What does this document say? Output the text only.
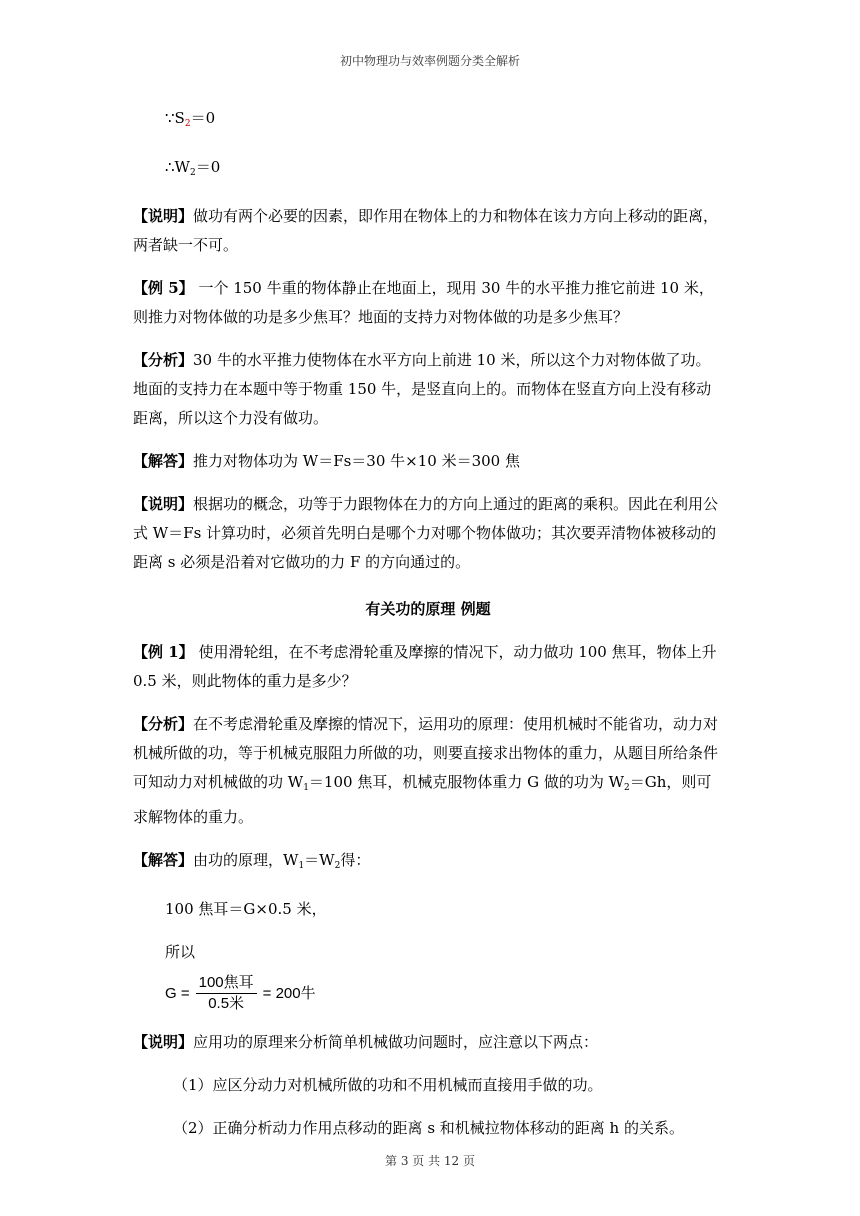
初中物理功与效率例题分类全解析

$\because S_2=0$

$\therefore W_2=0$

【说明】做功有两个必要的因素，即作用在物体上的力和物体在该力方向上移动的距离，两者缺一不可。

【例 5】 一个 150 牛重的物体静止在地面上，现用 30 牛的水平推力推它前进 10 米，则推力对物体做的功是多少焦耳？地面的支持力对物体做的功是多少焦耳？

【分析】30 牛的水平推力使物体在水平方向上前进 10 米，所以这个力对物体做了功。地面的支持力在本题中等于物重 150 牛，是竖直向上的。而物体在竖直方向上没有移动距离，所以这个力没有做功。

【解答】推力对物体功为 W＝Fs＝30 牛×10 米＝300 焦

【说明】根据功的概念，功等于力跟物体在力的方向上通过的距离的乘积。因此在利用公式 W＝Fs 计算功时，必须首先明白是哪个力对哪个物体做功；其次要弄清物体被移动的距离 s 必须是沿着对它做功的力 F 的方向通过的。

有关功的原理 例题

【例 1】 使用滑轮组，在不考虑滑轮重及摩擦的情况下，动力做功 100 焦耳，物体上升 0.5 米，则此物体的重力是多少？

【分析】在不考虑滑轮重及摩擦的情况下，运用功的原理：使用机械时不能省功，动力对机械所做的功，等于机械克服阻力所做的功，则要直接求出物体的重力，从题目所给条件可知动力对机械做的功 $W_1=100$ 焦耳，机械克服物体重力 G 做的功为 $W_2=Gh$，则可求解物体的重力。

【解答】由功的原理，$W_1=W_2$得：

100 焦耳＝G×0.5 米，

所以

$G = \frac{\text{100焦耳}}{\text{0.5米}} = 200$牛

【说明】应用功的原理来分析简单机械做功问题时，应注意以下两点：

（1）应区分动力对机械所做的功和不用机械而直接用手做的功。

（2）正确分析动力作用点移动的距离 s 和机械拉物体移动的距离 h 的关系。

第 3 页 共 12 页
